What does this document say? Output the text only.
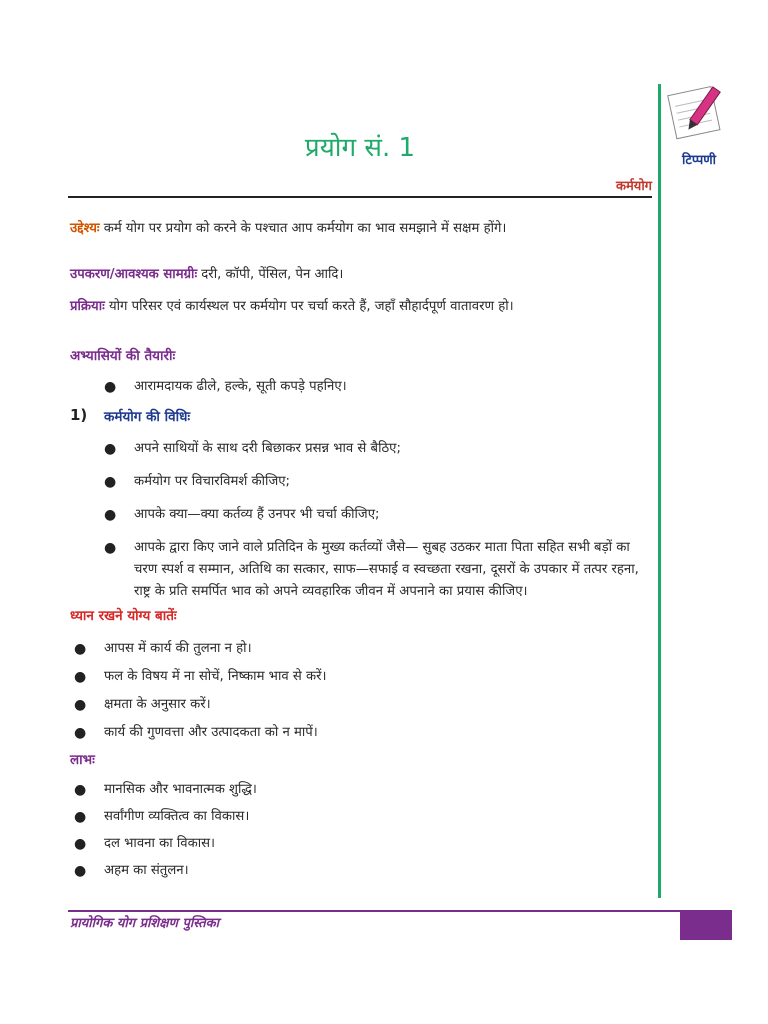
टिप्पणी
प्रयोग सं. 1
कर्मयोग

उद्देश्यः कर्म योग पर प्रयोग को करने के पश्चात आप कर्मयोग का भाव समझाने में सक्षम होंगे।

उपकरण/आवश्यक सामग्रीः दरी, कॉपी, पेंसिल, पेन आदि।

प्रक्रियाः योग परिसर एवं कार्यस्थल पर कर्मयोग पर चर्चा करते हैं, जहाँ सौहार्दपूर्ण वातावरण हो।

अभ्यासियों की तैयारीः
● आरामदायक ढीले, हल्के, सूती कपड़े पहनिए।
1) कर्मयोग की विधिः
● अपने साथियों के साथ दरी बिछाकर प्रसन्न भाव से बैठिए;
● कर्मयोग पर विचारविमर्श कीजिए;
● आपके क्या—क्या कर्तव्य हैं उनपर भी चर्चा कीजिए;
● आपके द्वारा किए जाने वाले प्रतिदिन के मुख्य कर्तव्यों जैसे— सुबह उठकर माता पिता सहित सभी बड़ों का चरण स्पर्श व सम्मान, अतिथि का सत्कार, साफ—सफाई व स्वच्छता रखना, दूसरों के उपकार में तत्पर रहना, राष्ट्र के प्रति समर्पित भाव को अपने व्यवहारिक जीवन में अपनाने का प्रयास कीजिए।
ध्यान रखने योग्य बातेंः
● आपस में कार्य की तुलना न हो।
● फल के विषय में ना सोचें, निष्काम भाव से करें।
● क्षमता के अनुसार करें।
● कार्य की गुणवत्ता और उत्पादकता को न मापें।
लाभः
● मानसिक और भावनात्मक शुद्धि।
● सर्वांगीण व्यक्तित्व का विकास।
● दल भावना का विकास।
● अहम का संतुलन।
प्रायोगिक योग प्रशिक्षण पुस्तिका
